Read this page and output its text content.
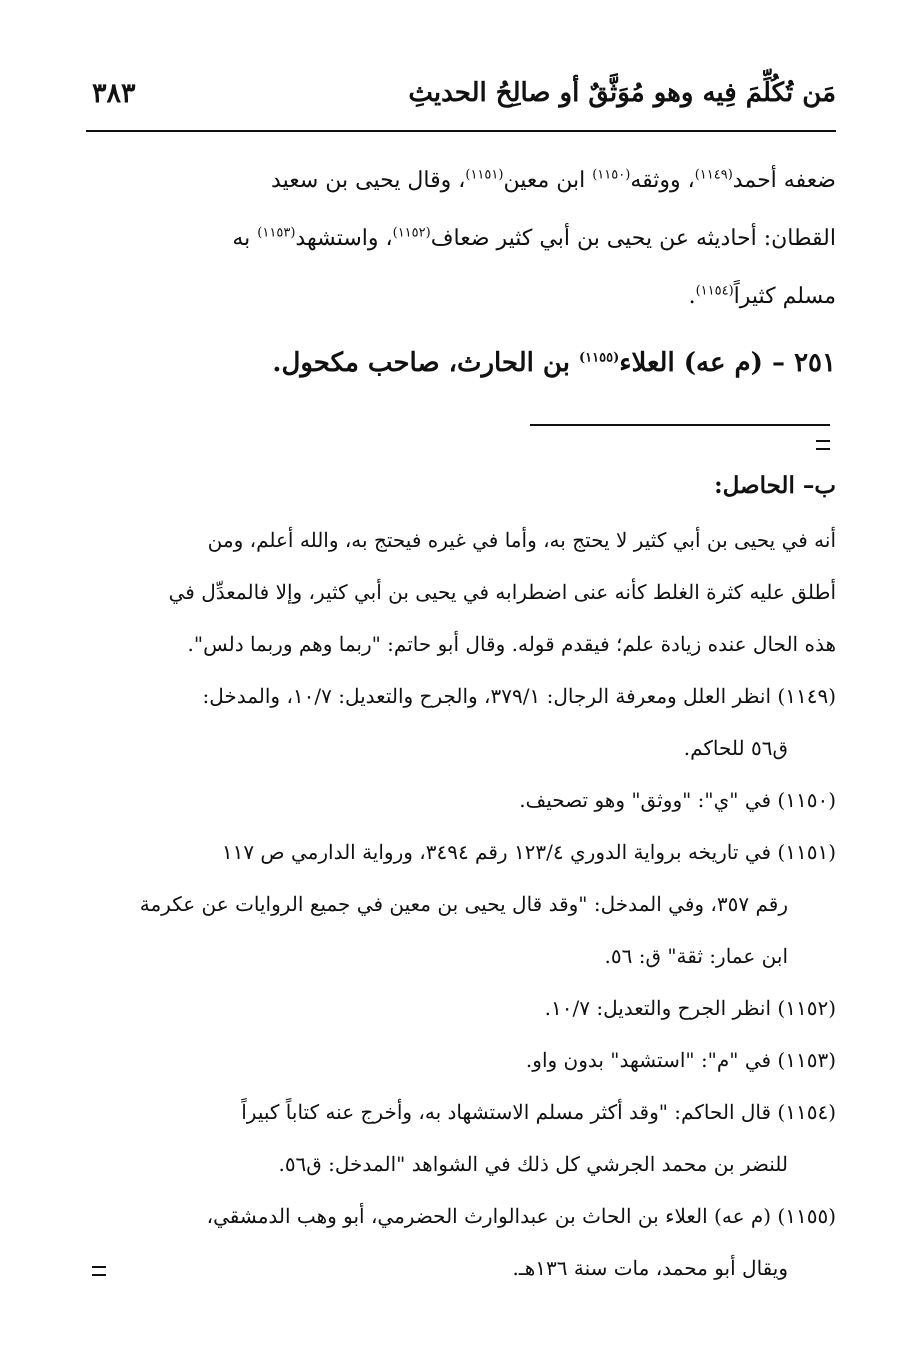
مَن تُكُلِّمَ فِيه وهو مُوَثَّقٌ أو صالِحُ الحديثِ
٣٨٣

ضعفه أحمد$^{(١١٤٩)}$، ووثقه$^{(١١٥٠)}$ ابن معين$^{(١١٥١)}$، وقال يحيى بن سعيد

القطان: أحاديثه عن يحيى بن أبي كثير ضعاف$^{(١١٥٢)}$، واستشهد$^{(١١٥٣)}$ به

مسلم كثيراً$^{(١١٥٤)}$.

٢٥١ – (م عه) العلاء$^{(١١٥٥)}$ بن الحارث، صاحب مكحول.
ب– الحاصل:

أنه في يحيى بن أبي كثير لا يحتج به، وأما في غيره فيحتج به، والله أعلم، ومن

أطلق عليه كثرة الغلط كأنه عنى اضطرابه في يحيى بن أبي كثير، وإلا فالمعدِّل في

هذه الحال عنده زيادة علم؛ فيقدم قوله. وقال أبو حاتم: "ربما وهم وربما دلس".

(١١٤٩) انظر العلل ومعرفة الرجال: ٣٧٩/١، والجرح والتعديل: ١٠/٧، والمدخل:

ق٥٦ للحاكم.

(١١٥٠) في "ي": "ووثق" وهو تصحيف.

(١١٥١) في تاريخه برواية الدوري ١٢٣/٤ رقم ٣٤٩٤، ورواية الدارمي ص ١١٧

رقم ٣٥٧، وفي المدخل: "وقد قال يحيى بن معين في جميع الروايات عن عكرمة

ابن عمار: ثقة" ق: ٥٦.

(١١٥٢) انظر الجرح والتعديل: ١٠/٧.

(١١٥٣) في "م": "استشهد" بدون واو.

(١١٥٤) قال الحاكم: "وقد أكثر مسلم الاستشهاد به، وأخرج عنه كتاباً كبيراً

للنضر بن محمد الجرشي كل ذلك في الشواهد "المدخل: ق٥٦.

(١١٥٥) (م عه) العلاء بن الحاث بن عبدالوارث الحضرمي، أبو وهب الدمشقي،

ويقال أبو محمد، مات سنة ١٣٦هـ.
